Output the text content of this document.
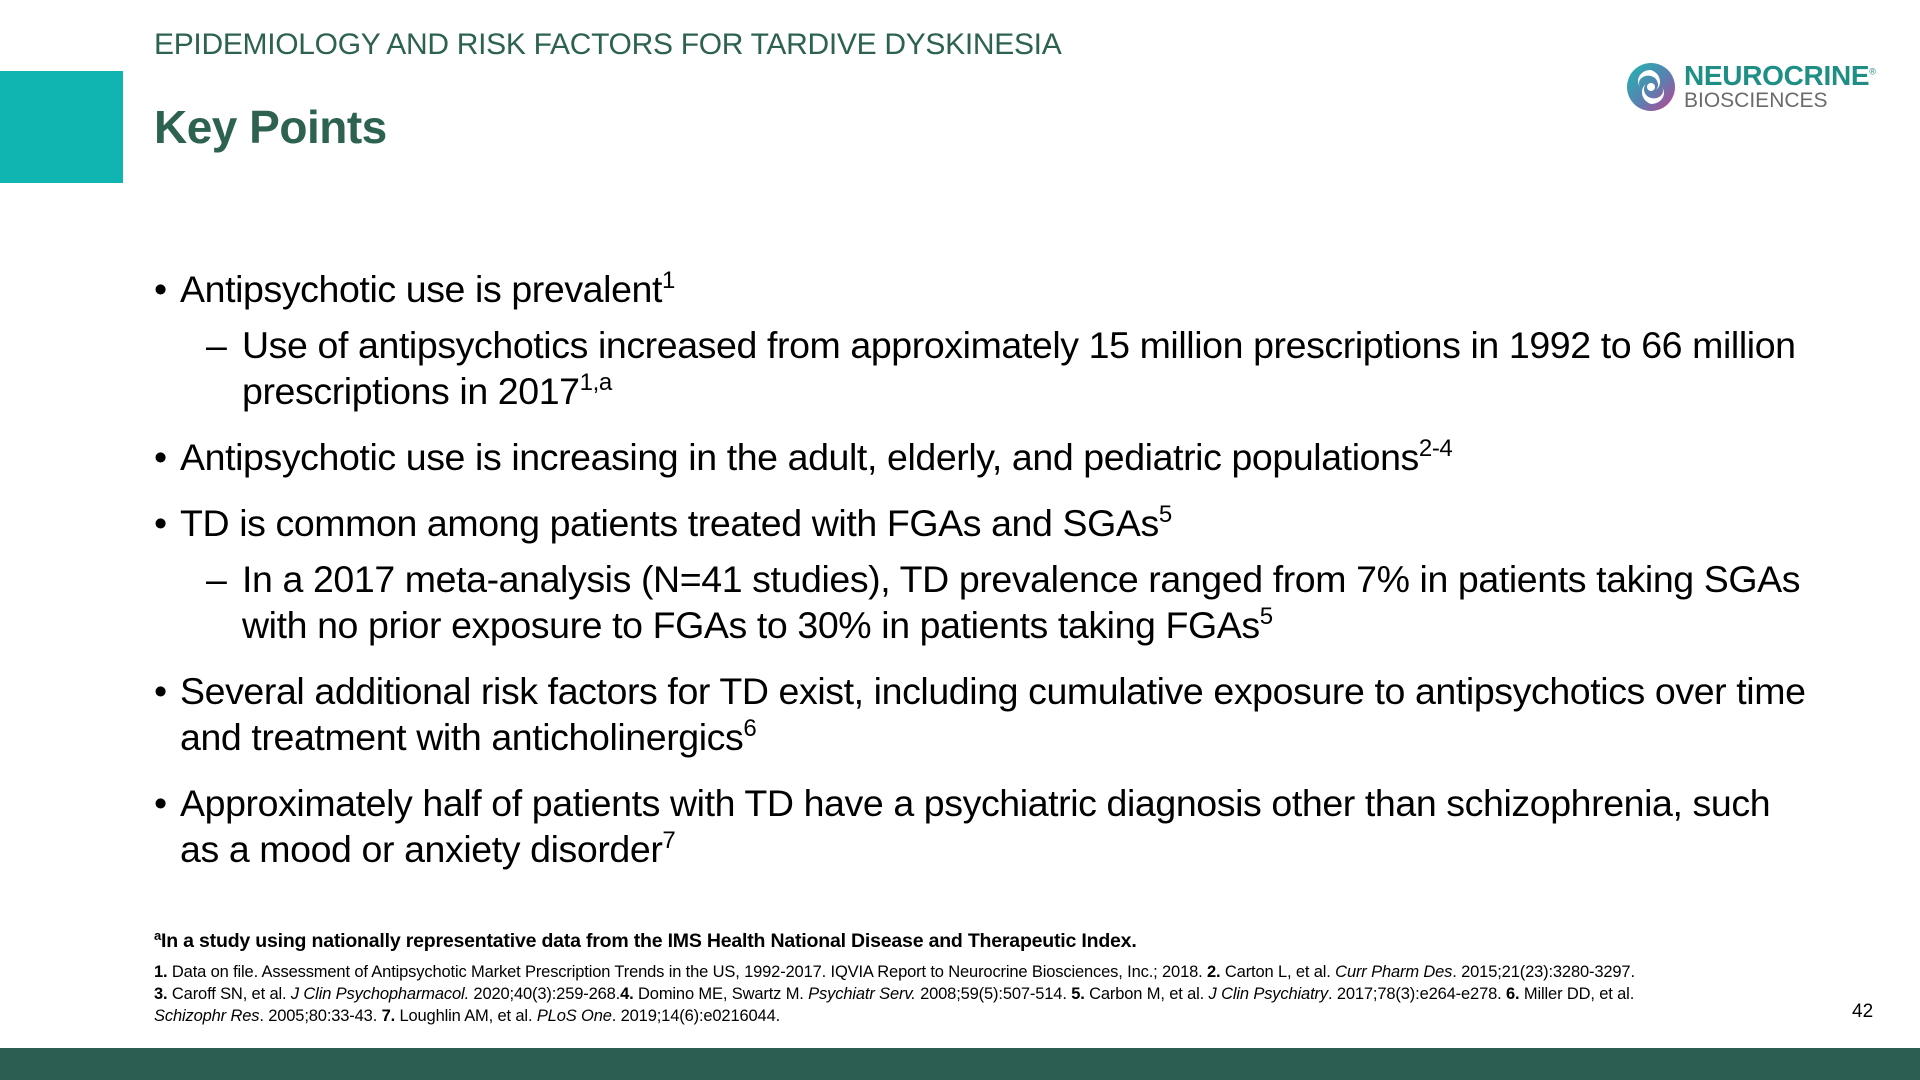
EPIDEMIOLOGY AND RISK FACTORS FOR TARDIVE DYSKINESIA
Key Points
NEUROCRINE®
BIOSCIENCES
• Antipsychotic use is prevalent$^1$
– Use of antipsychotics increased from approximately 15 million prescriptions in 1992 to 66 million prescriptions in 2017$^{1,a}$
• Antipsychotic use is increasing in the adult, elderly, and pediatric populations$^{2-4}$
• TD is common among patients treated with FGAs and SGAs$^5$
– In a 2017 meta-analysis (N=41 studies), TD prevalence ranged from 7% in patients taking SGAs with no prior exposure to FGAs to 30% in patients taking FGAs$^5$
• Several additional risk factors for TD exist, including cumulative exposure to antipsychotics over time and treatment with anticholinergics$^6$
• Approximately half of patients with TD have a psychiatric diagnosis other than schizophrenia, such as a mood or anxiety disorder$^7$
$^a$In a study using nationally representative data from the IMS Health National Disease and Therapeutic Index.
1. Data on file. Assessment of Antipsychotic Market Prescription Trends in the US, 1992-2017. IQVIA Report to Neurocrine Biosciences, Inc.; 2018. 2. Carton L, et al. Curr Pharm Des. 2015;21(23):3280-3297.
3. Caroff SN, et al. J Clin Psychopharmacol. 2020;40(3):259-268.4. Domino ME, Swartz M. Psychiatr Serv. 2008;59(5):507-514. 5. Carbon M, et al. J Clin Psychiatry. 2017;78(3):e264-e278. 6. Miller DD, et al.
Schizophr Res. 2005;80:33-43. 7. Loughlin AM, et al. PLoS One. 2019;14(6):e0216044.	42
